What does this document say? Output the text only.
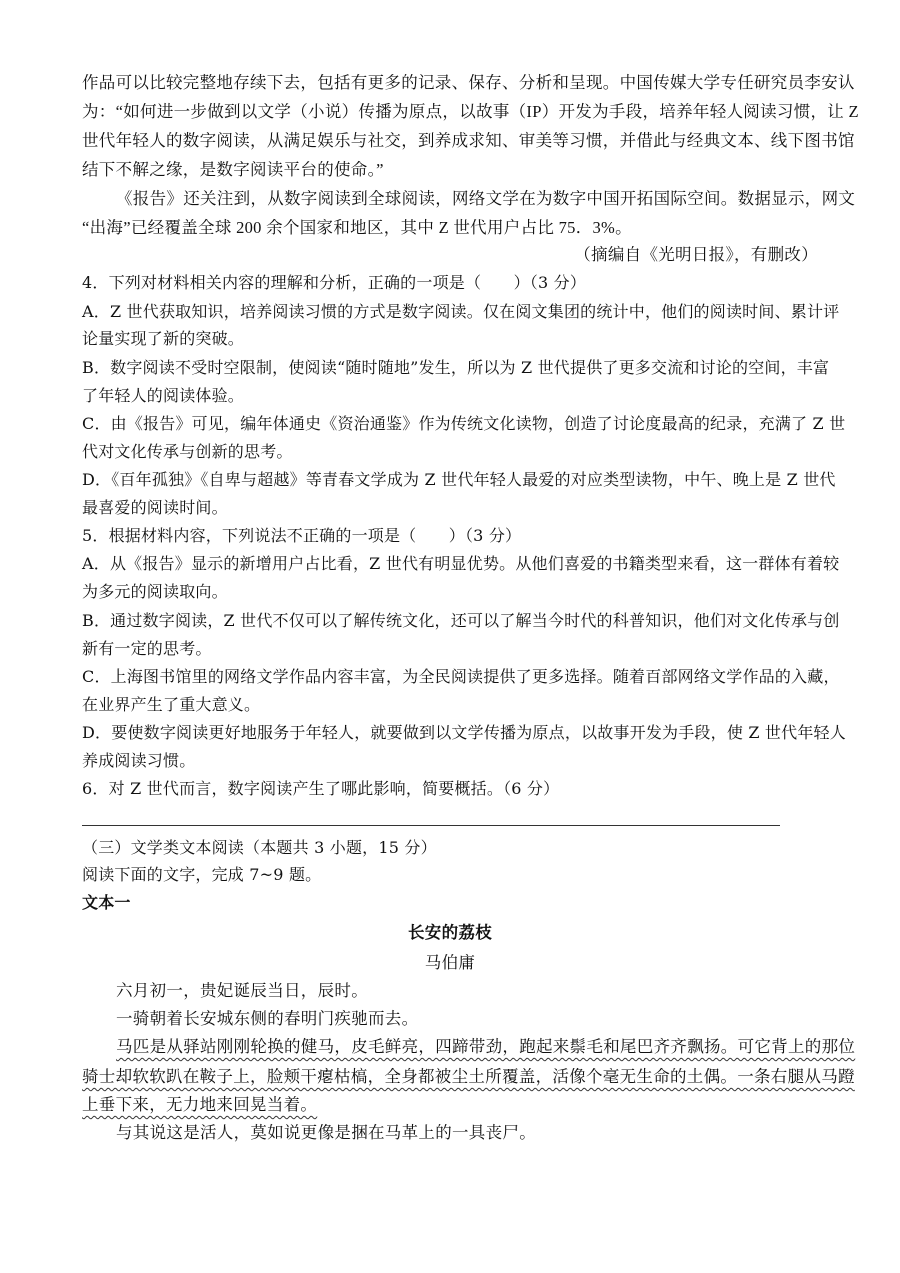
作品可以比较完整地存续下去，包括有更多的记录、保存、分析和呈现。中国传媒大学专任研究员李安认
为：“如何进一步做到以文学（小说）传播为原点，以故事（IP）开发为手段，培养年轻人阅读习惯，让 Z
世代年轻人的数字阅读，从满足娱乐与社交，到养成求知、审美等习惯，并借此与经典文本、线下图书馆
结下不解之缘，是数字阅读平台的使命。”
《报告》还关注到，从数字阅读到全球阅读，网络文学在为数字中国开拓国际空间。数据显示，网文
“出海”已经覆盖全球 200 余个国家和地区，其中 Z 世代用户占比 75．3%。
（摘编自《光明日报》，有删改）
4．下列对材料相关内容的理解和分析，正确的一项是（　　）（3 分）
A．Z 世代获取知识，培养阅读习惯的方式是数字阅读。仅在阅文集团的统计中，他们的阅读时间、累计评
论量实现了新的突破。
B．数字阅读不受时空限制，使阅读“随时随地”发生，所以为 Z 世代提供了更多交流和讨论的空间，丰富
了年轻人的阅读体验。
C．由《报告》可见，编年体通史《资治通鉴》作为传统文化读物，创造了讨论度最高的纪录，充满了 Z 世
代对文化传承与创新的思考。
D．《百年孤独》《自卑与超越》等青春文学成为 Z 世代年轻人最爱的对应类型读物，中午、晚上是 Z 世代
最喜爱的阅读时间。
5．根据材料内容，下列说法不正确的一项是（　　）（3 分）
A．从《报告》显示的新增用户占比看，Z 世代有明显优势。从他们喜爱的书籍类型来看，这一群体有着较
为多元的阅读取向。
B．通过数字阅读，Z 世代不仅可以了解传统文化，还可以了解当今时代的科普知识，他们对文化传承与创
新有一定的思考。
C．上海图书馆里的网络文学作品内容丰富，为全民阅读提供了更多选择。随着百部网络文学作品的入藏，
在业界产生了重大意义。
D．要使数字阅读更好地服务于年轻人，就要做到以文学传播为原点，以故事开发为手段，使 Z 世代年轻人
养成阅读习惯。
6．对 Z 世代而言，数字阅读产生了哪此影响，简要概括。（6 分）
（三）文学类文本阅读（本题共 3 小题，15 分）
阅读下面的文字，完成 7~9 题。
文本一
长安的荔枝
马伯庸
六月初一，贵妃诞辰当日，辰时。
一骑朝着长安城东侧的春明门疾驰而去。
马匹是从驿站刚刚轮换的健马，皮毛鲜亮，四蹄带劲，跑起来鬃毛和尾巴齐齐飘扬。可它背上的那位
骑士却软软趴在鞍子上，脸颊干瘪枯槁，全身都被尘土所覆盖，活像个毫无生命的土偶。一条右腿从马蹬
上垂下来，无力地来回晃当着。
与其说这是活人，莫如说更像是捆在马革上的一具丧尸。
